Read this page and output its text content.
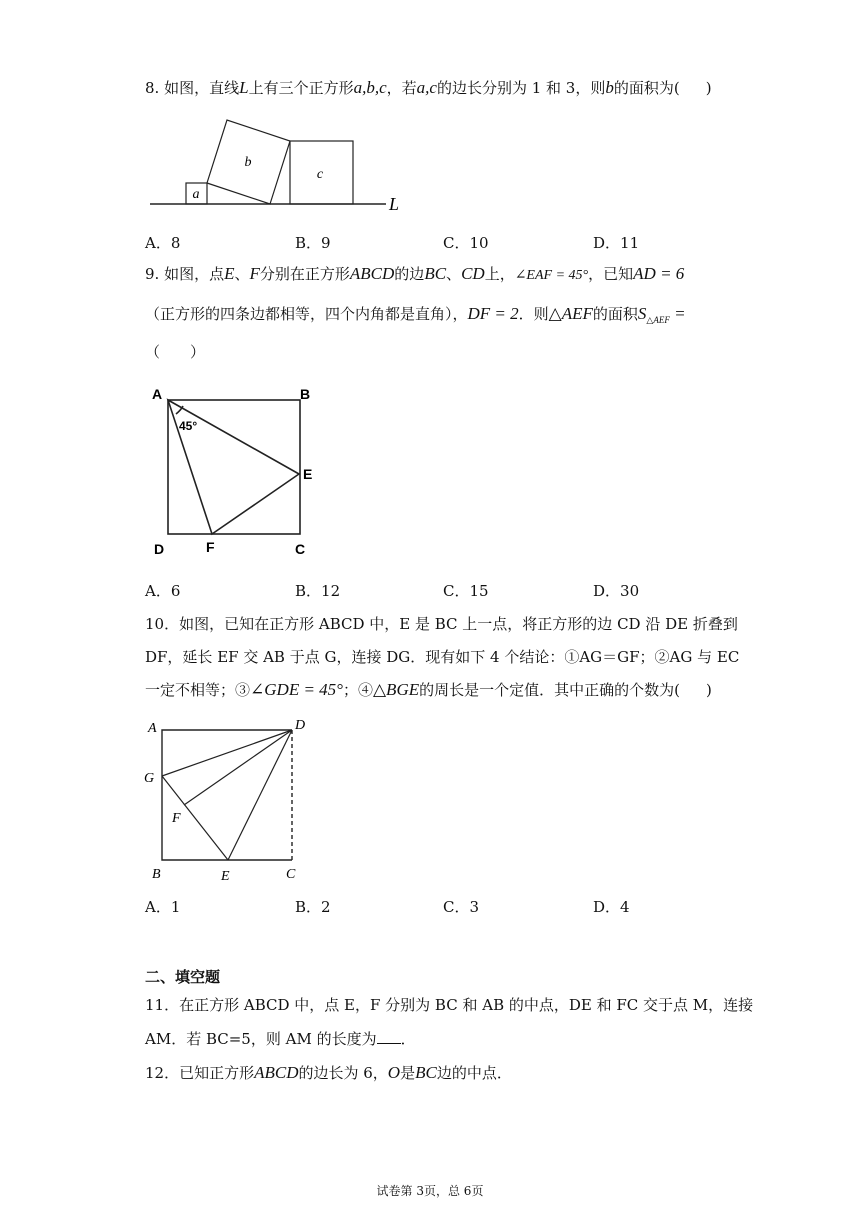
8. 如图，直线L上有三个正方形a,b,c，若a,c的边长分别为 1 和 3，则b的面积为( )
a
b
c
L
A．8	B．9	C．10	D．11
9. 如图，点E、F分别在正方形ABCD的边BC、CD上，∠EAF = 45°，已知AD = 6
（正方形的四条边都相等，四个内角都是直角），DF = 2．则△AEF的面积$S_{\triangle AEF}$ =
（　　）
A	B
C
D
E
F
45°
A．6	B．12	C．15	D．30
10．如图，已知在正方形 ABCD 中，E 是 BC 上一点，将正方形的边 CD 沿 DE 折叠到
DF，延长 EF 交 AB 于点 G，连接 DG．现有如下 4 个结论：①AG＝GF；②AG 与 EC
一定不相等；③∠GDE = 45°；④△BGE的周长是一个定值．其中正确的个数为( )
A	D
G
F
B	E	C
A．1	B．2	C．3	D．4
二、填空题
11．在正方形 ABCD 中，点 E，F 分别为 BC 和 AB 的中点，DE 和 FC 交于点 M，连接
AM．若 BC=5，则 AM 的长度为 ．
12．已知正方形ABCD的边长为 6，O是BC边的中点．
试卷第 3页，总 6页
